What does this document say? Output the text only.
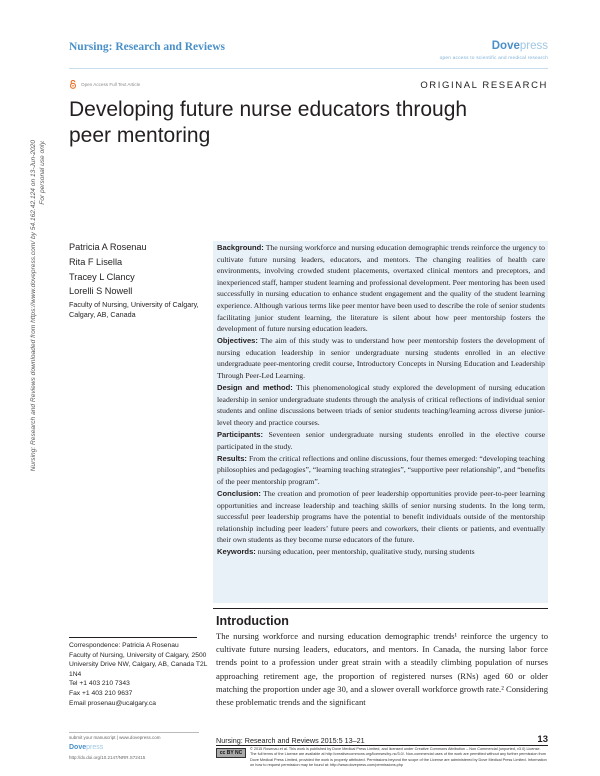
Nursing: Research and Reviews	Dovepress
open access to scientific and medical research
Open Access Full Text Article	ORIGINAL RESEARCH
Developing future nurse educators through
peer mentoring
Nursing: Research and Reviews downloaded from https://www.dovepress.com/ by 54.162.42.124 on 13-Jun-2020 For personal use only.
Patricia A Rosenau
Rita F Lisella
Tracey L Clancy
Lorelli S Nowell
Faculty of Nursing, University of Calgary, Calgary, AB, Canada

Background: The nursing workforce and nursing education demographic trends reinforce the urgency to cultivate future nursing leaders, educators, and mentors. The changing realities of health care environments, involving crowded student placements, overtaxed clinical mentors and preceptors, and inexperienced staff, hamper student learning and professional development. Peer mentoring has been used successfully in nursing education to enhance student engagement and the quality of the student learning experience. Although various terms like peer mentor have been used to describe the role of senior students facilitating junior student learning, the literature is silent about how peer mentorship fosters the development of future nursing education leaders.

Objectives: The aim of this study was to understand how peer mentorship fosters the development of nursing education leadership in senior undergraduate nursing students enrolled in an elective undergraduate peer-mentoring credit course, Introductory Concepts in Nursing Education and Leadership Through Peer-Led Learning.

Design and method: This phenomenological study explored the development of nursing education leadership in senior undergraduate students through the analysis of critical reflections of individual senior students and online discussions between triads of senior students teaching/learning across diverse junior-level theory and practice courses.

Participants: Seventeen senior undergraduate nursing students enrolled in the elective course participated in the study.

Results: From the critical reflections and online discussions, four themes emerged: “developing teaching philosophies and pedagogies”, “learning teaching strategies”, “supportive peer relationship”, and “benefits of the peer mentorship program”.

Conclusion: The creation and promotion of peer leadership opportunities provide peer-to-peer learning opportunities and increase leadership and teaching skills of senior nursing students. In the long term, successful peer leadership programs have the potential to benefit individuals outside of the mentorship relationship including peer leaders’ future peers and coworkers, their clients or patients, and eventually their own students as they become nurse educators of the future.

Keywords: nursing education, peer mentorship, qualitative study, nursing students

Introduction

The nursing workforce and nursing education demographic trends¹ reinforce the urgency to cultivate future nursing leaders, educators, and mentors. In Canada, the nursing labor force trends point to a profession under great strain with a steadily climbing population of nurses approaching retirement age, the proportion of registered nurses (RNs) aged 60 or older matching the proportion under age 30, and a slower overall workforce growth rate.² Considering these problematic trends and the significant

Correspondence: Patricia A Rosenau
Faculty of Nursing, University of Calgary, 2500 University Drive NW, Calgary, AB, Canada T2L 1N4
Tel +1 403 210 7343
Fax +1 403 210 9637
Email prosenau@ucalgary.ca
submit your manuscript | www.dovepress.com
Dovepress
http://dx.doi.org/10.2147/NRR.S72415
Nursing: Research and Reviews 2015:5 13–21	13
cc BY NC
© 2015 Rosenau et al. This work is published by Dove Medical Press Limited, and licensed under Creative Commons Attribution – Non Commercial (unported, v3.0) License. The full terms of the License are available at http://creativecommons.org/licenses/by-nc/3.0/. Non-commercial uses of the work are permitted without any further permission from Dove Medical Press Limited, provided the work is properly attributed. Permissions beyond the scope of the License are administered by Dove Medical Press Limited. Information on how to request permission may be found at: http://www.dovepress.com/permissions.php
